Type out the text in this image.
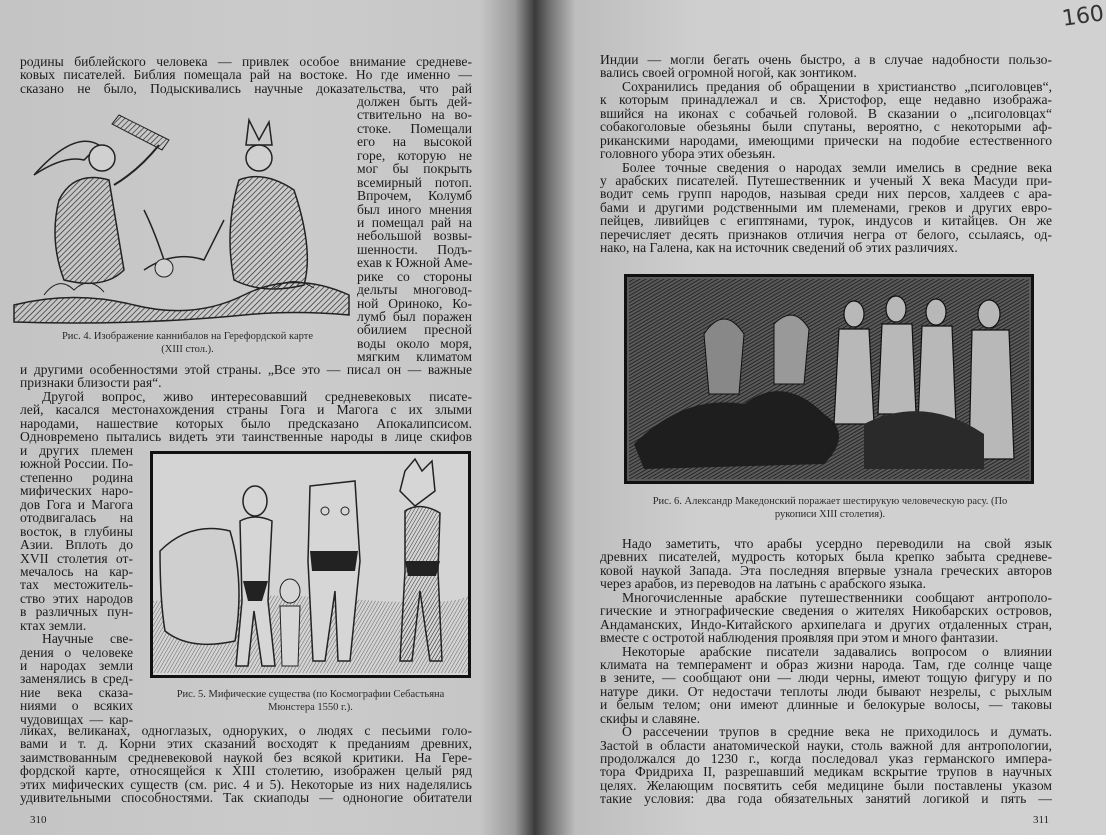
160
родины библейского человека — привлек особое внимание средневе-
ковых писателей. Библия помещала рай на востоке. Но где именно —
сказано не было, Подыскивались научные доказательства, что рай
должен быть дей-
ствительно на во-
стоке. Помещали
его на высокой
горе, которую не
мог бы покрыть
всемирный потоп.
Впрочем, Колумб
был иного мнения
и помещал рай на
небольшой возвы-
шенности. Подъ-
ехав к Южной Аме-
рике со стороны
дельты многовод-
ной Ориноко, Ко-
лумб был поражен
обилием пресной
воды около моря,
мягким климатом
Рис. 4. Изображение каннибалов на Герефордской карте
(XIII стол.).
и другими особенностями этой страны. „Все это — писал он — важные
признаки близости рая“.
Другой вопрос, живо интересовавший средневековых писате-
лей, касался местонахождения страны Гога и Магога с их злыми
народами, нашествие которых было предсказано Апокалипсисом.
Одновремено пытались видеть эти таинственные народы в лице скифов
и других племен
южной России. По-
степенно родина
мифических наро-
дов Гога и Магога
отодвигалась на
восток, в глубины
Азии. Вплоть до
XVII столетия от-
мечалось на кар-
тах местожитель-
ство этих народов
в различных пун-
ктах земли.
Научные све-
дения о человеке
и народах земли
заменялись в сред-
ние века сказа-
ниями о всяких
чудовищах — кар-
Рис. 5. Мифические существа (по Космографии Себастьяна
Мюнстера 1550 г.).
ликах, великанах, одноглазых, одноруких, о людях с песьими голо-
вами и т. д. Корни этих сказаний восходят к преданиям древних,
заимствованным средневековой наукой без всякой критики. На Гере-
фордской карте, относящейся к XIII столетию, изображен целый ряд
этих мифических существ (см. рис. 4 и 5). Некоторые из них наделялись
удивительными способностями. Так скиаподы — одноногие обитатели
310
Индии — могли бегать очень быстро, а в случае надобности пользо-
вались своей огромной ногой, как зонтиком.
Сохранились предания об обращении в христианство „псиголовцев“,
к которым принадлежал и св. Христофор, еще недавно изобража-
вшийся на иконах с собачьей головой. В сказании о „псиголовцах“
собакоголовые обезьяны были спутаны, вероятно, с некоторыми аф-
риканскими народами, имеющими прически на подобие естественного
головного убора этих обезьян.
Более точные сведения о народах земли имелись в средние века
у арабских писателей. Путешественник и ученый X века Масуди при-
водит семь групп народов, называя среди них персов, халдеев с ара-
бами и другими родственными им племенами, греков и других евро-
пейцев, ливийцев с египтянами, турок, индусов и китайцев. Он же
перечисляет десять признаков отличия негра от белого, ссылаясь, од-
нако, на Галена, как на источник сведений об этих различиях.
Рис. 6. Александр Македонский поражает шестирукую человеческую расу. (По
рукописи XIII столетия).
Надо заметить, что арабы усердно переводили на свой язык
древних писателей, мудрость которых была крепко забыта средневе-
ковой наукой Запада. Эта последняя впервые узнала греческих авторов
через арабов, из переводов на латынь с арабского языка.
Многочисленные арабские путешественники сообщают антрополо-
гические и этнографические сведения о жителях Никобарских островов,
Андаманских, Индо-Китайского архипелага и других отдаленных стран,
вместе с остротой наблюдения проявляя при этом и много фантазии.
Некоторые арабские писатели задавались вопросом о влиянии
климата на темперамент и образ жизни народа. Там, где солнце чаще
в зените, — сообщают они — люди черны, имеют тощую фигуру и по
натуре дики. От недостачи теплоты люди бывают незрелы, с рыхлым
и белым телом; они имеют длинные и белокурые волосы, — таковы
скифы и славяне.
О рассечении трупов в средние века не приходилось и думать.
Застой в области анатомической науки, столь важной для антропологии,
продолжался до 1230 г., когда последовал указ германского импера-
тора Фридриха II, разрешавший медикам вскрытие трупов в научных
целях. Желающим посвятить себя медицине были поставлены указом
такие условия: два года обязательных занятий логикой и пять —
311
